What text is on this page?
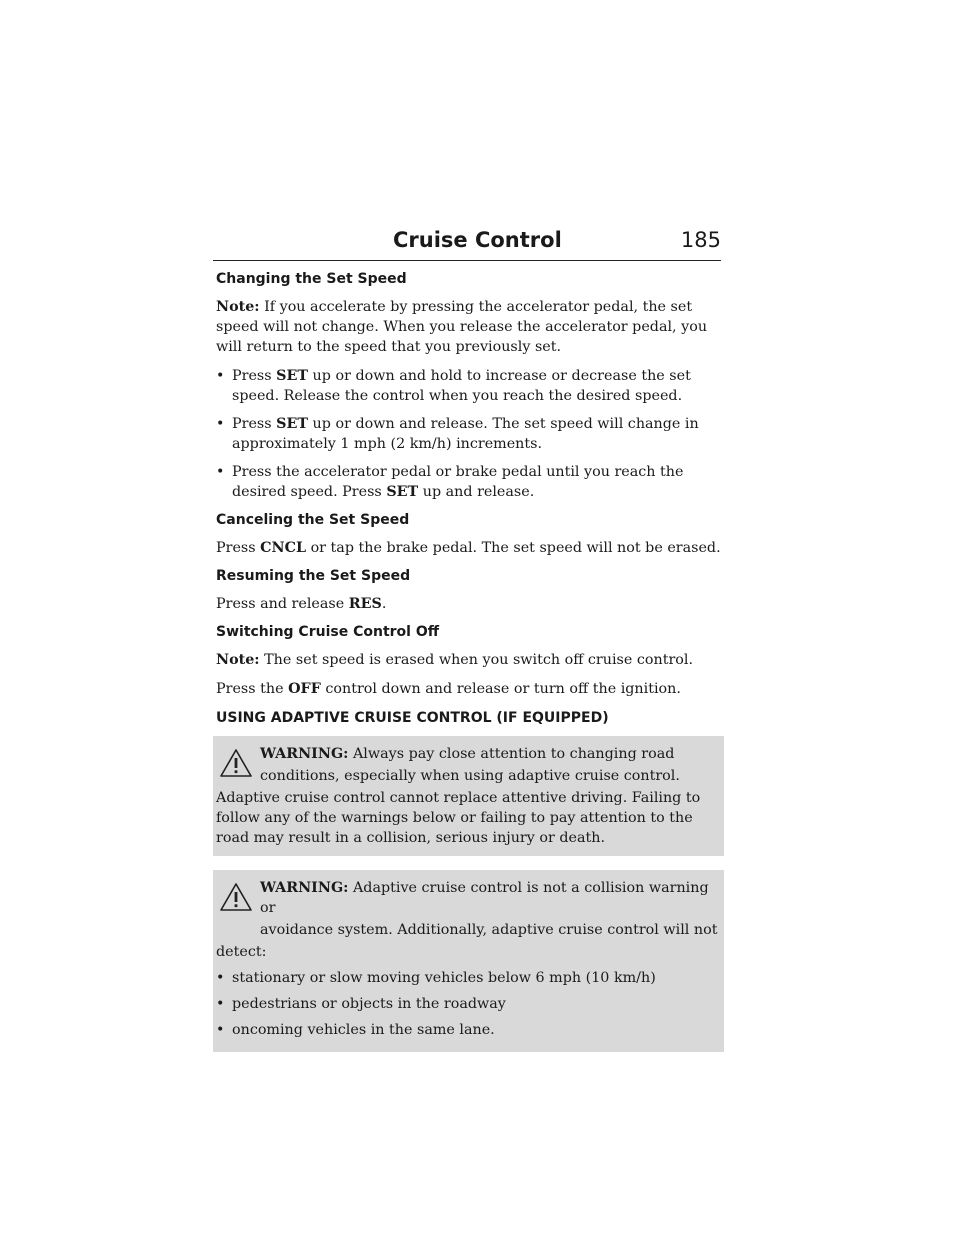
Cruise Control	185
Changing the Set Speed

Note: If you accelerate by pressing the accelerator pedal, the set speed will not change. When you release the accelerator pedal, you will return to the speed that you previously set.

• Press SET up or down and hold to increase or decrease the set speed. Release the control when you reach the desired speed.
• Press SET up or down and release. The set speed will change in approximately 1 mph (2 km/h) increments.
• Press the accelerator pedal or brake pedal until you reach the desired speed. Press SET up and release.
Canceling the Set Speed

Press CNCL or tap the brake pedal. The set speed will not be erased.

Resuming the Set Speed

Press and release RES.

Switching Cruise Control Off

Note: The set speed is erased when you switch off cruise control.

Press the OFF control down and release or turn off the ignition.

USING ADAPTIVE CRUISE CONTROL (IF EQUIPPED)

WARNING: Always pay close attention to changing road

conditions, especially when using adaptive cruise control.

Adaptive cruise control cannot replace attentive driving. Failing to follow any of the warnings below or failing to pay attention to the road may result in a collision, serious injury or death.

WARNING: Adaptive cruise control is not a collision warning or

avoidance system. Additionally, adaptive cruise control will not

detect:

• stationary or slow moving vehicles below 6 mph (10 km/h)
• pedestrians or objects in the roadway
• oncoming vehicles in the same lane.
